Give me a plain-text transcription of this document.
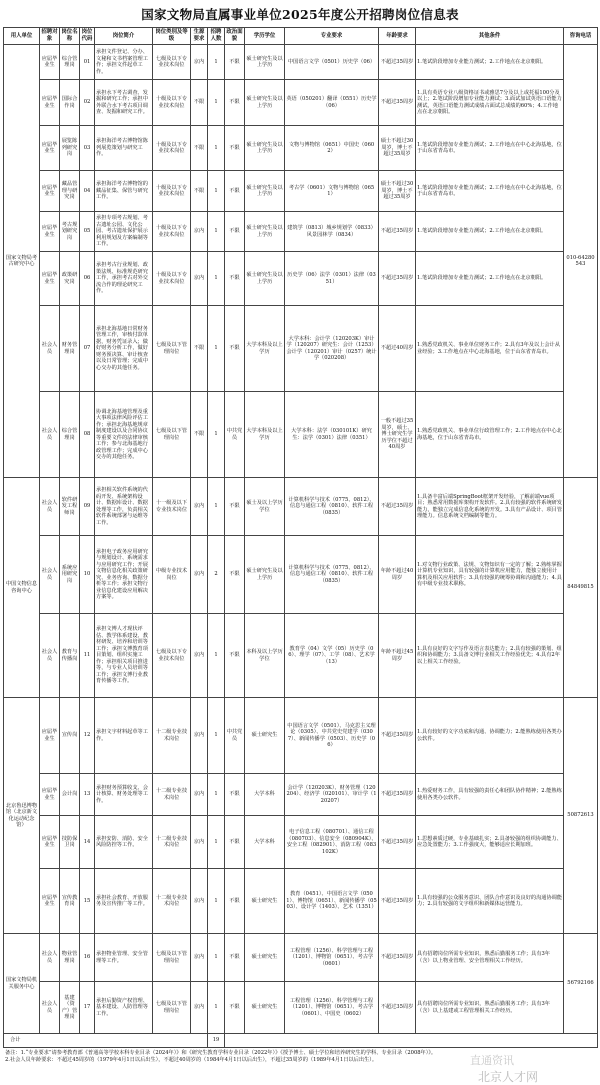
国家文物局直属事业单位2025年度公开招聘岗位信息表
用人单位	招聘对象	岗位名称	岗位代码	岗位简介	岗位类别及等级	生源要求	招聘人数	政治面貌	学历学位	专业要求	年龄要求	其他条件	咨询电话
国家文物局考古研究中心	应届毕业生	综合管理岗	01	承担文件登记、分办、文秘和文书档案管理工作；承担文件起草工作。	七级及以下专业技术岗位	京内	1	不限	硕士研究生及以上学历	中国语言文学（0501）历史学（06）	不超过35周岁	1.笔试阶段增加专业能力测试；2.工作地点在北京朝阳。	010-64280543
	应届毕业生	国际合作岗	02	承担水下考古调查、发掘和研究工作；承担中外联合水下考古项目调查、发掘和研究工作。	十级及以下专业技术岗位	不限	1	不限	硕士研究生及以上学历	英语（050201）翻译（0551）历史学（06）	不超过35周岁	1.具有英语专业八级资格证书或雅思7分及以上或托福100分及以上；2.笔试阶段增加专业能力测试；3.面试加试英语口语能力测试，英语口语能力测试成绩占面试总成绩的60%；4.工作地点在北京朝阳。	
	应届毕业生	展览陈列研究岗	03	承担海洋考古博物馆陈列展览策划与研究工作。	十级及以下专业技术岗位	不限	1	不限	硕士研究生及以上学历	文物与博物馆（0651）中国史（0602）	硕士不超过30周岁，博士不超过35周岁	1.笔试阶段增加专业能力测试；2.工作地点在中心北海基地，位于山东省青岛市。	
	应届毕业生	藏品管理与研究岗	04	承担海洋考古博物馆的藏品征集、保管与研究工作。	十级及以下专业技术岗位	不限	1	不限	硕士研究生及以上学历	考古学（0601）文物与博物馆（0651）	硕士不超过30周岁，博士不超过35周岁	1.笔试阶段增加专业能力测试；2.工作地点在中心北海基地，位于山东省青岛市。	
	应届毕业生	考古规划研究岗	05	承担专项考古规划、考古遗址公园、文化公园、考古遗址保护展示利用规划及方案编制等工作。	十级及以下专业技术岗位	京内	1	不限	硕士研究生及以上学历	建筑学（0813）城乡规划学（0833）风景园林学（0834）	不超过35周岁	1.笔试阶段增加专业能力测试；2.工作地点在北京朝阳。	
	应届毕业生	政策研究岗	06	承担考古行业规划、政策法规、标准规范研究工作，承担考古对外交流合作的理论研究工作。	十级及以下专业技术岗位	京内	1	不限	硕士研究生及以上学历	历史学（06）法学（0301）法律（0351）	不超过35周岁	1.笔试阶段增加专业能力测试；2.工作地点在北京朝阳。	
	社会人员	财务管理岗	07	承担北海基地日常财务管理工作，审核付款单据，财务凭证录入；做好财务分析工作，做好财务预决算、审计核查以及日常管理；完成中心交办的其他任务。	七级及以下管理岗位	不限	1	不限	大学本科及以上学历	大学本科：会计学（120203K）审计学（120207）研究生：会计（1253）会计学（120201）审计（0257）统计学（020208）	不超过40周岁	1.熟悉党政机关、事业单位财务工作；2.具有3年及以上会计从业经验；3.工作地点在中心北海基地，位于山东省青岛市。	
	社会人员	综合管理岗	08	协调北海基地管理及重大事项法律风险评估工作；承担北海基地规章制度建设以及合同协议等重要文件的法律审核工作；参与北海基地行政管理工作；完成中心交办的其他任务。	七级及以下管理岗位	不限	1	中共党员	大学本科及以上学历	大学本科：法学（030101K）研究生：法学（0301）法律（0351）	一般不超过35周岁，硕士、博士研究生学历学位不超过40周岁	1.熟悉党政机关、事业单位行政管理工作；2.工作地点在中心北海基地，位于山东省青岛市。	
中国文物信息咨询中心	社会人员	软件研发工程师岗	09	承担相关软件系统的代码开发、系统架构设计、数据库设计、数据处理等工作，负责相关软件系统部署与运维等工作。	十一级及以下专业技术岗位	京内	1	不限	硕士及以上学历学位	计算机科学与技术（0775、0812）、信息与通信工程（0810）、软件工程（0835）	不超过35周岁	1.具备丰富后端SpringBoot框架开发经验，了解前端vue项目；熟悉常用数据库架构开发软件。2.具有较强的软件系统研发能力，能独立完成信息化系统的开发。3.具有产品设计、项目管理能力。信息系统文档编制等能力。	84849815
	社会人员	系统应用研究岗	10	承担电子政务应用研究与规划设计、系统需求与应用研究工作；开展文物信息化相关政策研究、业务咨询、数据分析等工作；承担文物行业信息化建设应用解决方案等。	中级专业技术岗位	京内	2	不限	硕士研究生及以上学历	计算机科学与技术（0775、0812）、信息与通信工程（0810）、软件工程（0835）	年龄不超过40周岁	1.对文物行业政策、法规、文物知识有一定的了解；2.熟练掌握计算机专业知识，具有较强的计算机应用能力，能独立使用计算机及相关应用软件；3.具有较强的统筹协调和沟通能力；4.具有中级专业技术职称。	
	社会人员	教育与传播岗	11	承担文博人才现状评估、教学体系建设、教材研发、培养和培训等工作；承担文博教育项目策划、组织实施工作；承担相关项目推进等，与专业人员培训等工作；承担文博行业教育传播等工作。	七级及以下专业技术岗位	京内	1	不限	本科及以上学历学位	教育学（04）文学（05）历史学（06）、理学（07）、工学（08）、艺术学（13）	年龄不超过45周岁	1.具有良好的文字写作及语言表达能力；2.具有较强的策划、组织和协调能力；3.具备文博行业相关工作经验优先；4.具有2年以上相关工作经验。	
北京鲁迅博物馆（北京新文化运动纪念馆）	应届毕业生	宣传岗	12	承担文字材料起草等工作。	十二级专业技术岗位	京内	1	中共党员	硕士研究生	中国语言文学（0501）、马克思主义理论（0305）、中共党史党建学（0307）、新闻传播学（0503）、历史学（06）	不超过35周岁	1.具有较好的文字功底和沟通、协调能力；2.能熟练使用各类办公软件。	50872613
	应届毕业生	会计岗	13	承担财务预算收支、会计核算、财务处理等工作。	十二级专业技术岗位	京内	1	不限	大学本科	会计学（120203K）、财务管理（120204）、经济学（020101）、审计学（120207）	不超过35周岁	1.热爱财务工作，具有较强的责任心和团队协作精神；2.能熟练使用各类办公软件。	
	应届毕业生	技防保卫岗	14	承担安防、消防、安全风险防控等工作。	十二级专业技术岗位	京内	1	不限	大学本科	电子信息工程（080701）、通信工程（080703）、信息安全（080904K）、安全工程（082901）、消防工程（083102K）	不超过35周岁	1.思想素质过硬，专业基础扎实；2.具备较强的组织协调能力、应急处置能力；3.工作强度大，能够适应长期加班。	
	应届毕业生	宣传教育岗	15	承担社会教育、开放服务及宣传推广等工作。	十二级专业技术岗位	京内	1	不限	硕士研究生	教育（0451）、中国语言文学（0501）、博物馆（0651）、新闻传播学（0503）、设计学（1403）、艺术（1351）	不超过35周岁	1.具有较强的公众服务意识、团队合作意识及良好的沟通协调能力；2.具有较强的文字组织和新媒体运营能力。	
国家文物局机关服务中心	社会人员	物业管理岗	16	承担物业管理、安全管理等工作。	七级及以下管理岗位	京内	1	不限	硕士研究生	工程管理（1256）、科学管理与工程（1201）、博物馆（0651）、考古学（0601）	不超过35周岁	具有招聘岗位所需专业知识，熟悉后勤服务工作；具有3年（含）以上物业管理、安全管理相关工作经历。	56792166
	社会人员	基建（资产）管理岗	17	承担后勤资产权管理、基本建设、人防管理等工作。	七级及以下管理岗位	京内	1	不限	硕士研究生	工程管理（1256）、科学管理与工程（1201）、博物馆（0651）、考古学（0601）、中国史（0602）	不超过35周岁	具有招聘岗位所需专业知识，熟悉后勤服务工作；具有3年（含）以上基建或工程管理相关工作经历。	
合计							19						
备注：1.“专业要求”请参考教育部《普通高等学校本科专业目录（2024年）》和《研究生教育学科专业目录（2022年）》《授予博士、硕士学位和培养研究生的学科、专业目录（2008年）》。
2.社会人员年龄要求：不超过45周岁的（1979年4月1日以后出生），不超过40周岁的（1984年4月1日以后出生），不超过35周岁的（1989年4月1日以后出生）。	直通资讯
北京人才网
